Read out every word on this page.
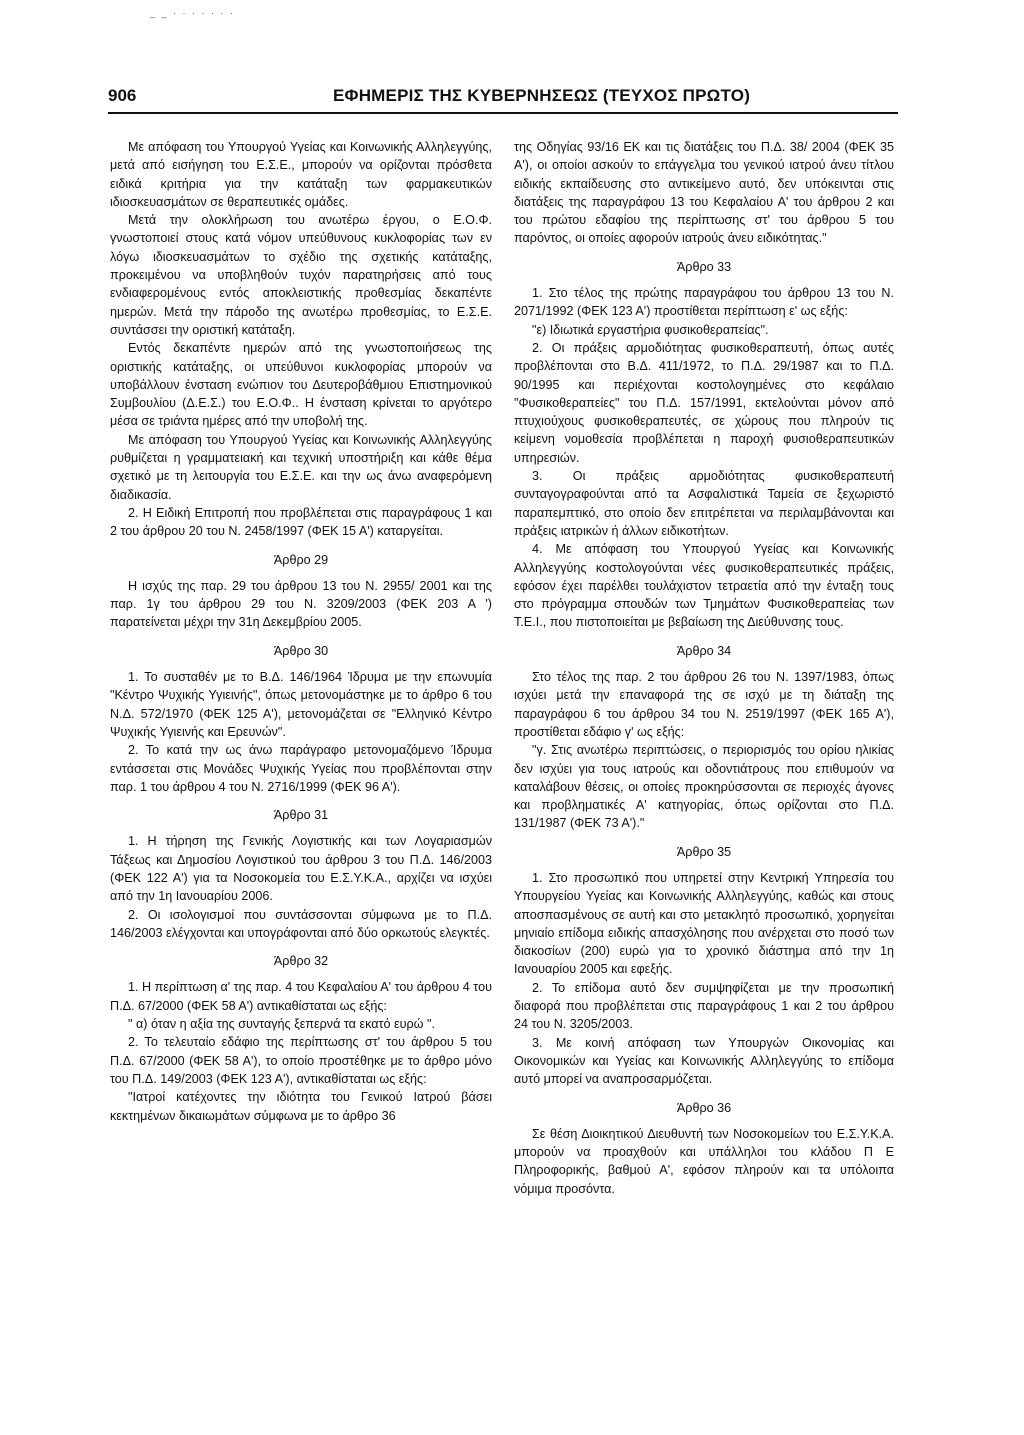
_ _ · · · · · · ·
906	ΕΦΗΜΕΡΙΣ ΤΗΣ ΚΥΒΕΡΝΗΣΕΩΣ (ΤΕΥΧΟΣ ΠΡΩΤΟ)

Με απόφαση του Υπουργού Υγείας και Κοινωνικής Αλληλεγγύης, μετά από εισήγηση του Ε.Σ.Ε., μπορούν να ορίζονται πρόσθετα ειδικά κριτήρια για την κατάταξη των φαρμακευτικών ιδιοσκευασμάτων σε θεραπευτικές ομάδες.

Μετά την ολοκλήρωση του ανωτέρω έργου, ο Ε.Ο.Φ. γνωστοποιεί στους κατά νόμον υπεύθυνους κυκλοφορίας των εν λόγω ιδιοσκευασμάτων το σχέδιο της σχετικής κατάταξης, προκειμένου να υποβληθούν τυχόν παρατηρήσεις από τους ενδιαφερομένους εντός αποκλειστικής προθεσμίας δεκαπέντε ημερών. Μετά την πάροδο της ανωτέρω προθεσμίας, το Ε.Σ.Ε. συντάσσει την οριστική κατάταξη.

Εντός δεκαπέντε ημερών από της γνωστοποιήσεως της οριστικής κατάταξης, οι υπεύθυνοι κυκλοφορίας μπορούν να υποβάλλουν ένσταση ενώπιον του Δευτεροβάθμιου Επιστημονικού Συμβουλίου (Δ.Ε.Σ.) του Ε.Ο.Φ.. Η ένσταση κρίνεται το αργότερο μέσα σε τριάντα ημέρες από την υποβολή της.

Με απόφαση του Υπουργού Υγείας και Κοινωνικής Αλληλεγγύης ρυθμίζεται η γραμματειακή και τεχνική υποστήριξη και κάθε θέμα σχετικό με τη λειτουργία του Ε.Σ.Ε. και την ως άνω αναφερόμενη διαδικασία.

2. Η Ειδική Επιτροπή που προβλέπεται στις παραγράφους 1 και 2 του άρθρου 20 του Ν. 2458/1997 (ΦΕΚ 15 Α') καταργείται.

Άρθρο 29

Η ισχύς της παρ. 29 του άρθρου 13 του Ν. 2955/ 2001 και της παρ. 1γ του άρθρου 29 του Ν. 3209/2003 (ΦΕΚ 203 Α ') παρατείνεται μέχρι την 31η Δεκεμβρίου 2005.

Άρθρο 30

1. Το συσταθέν με το Β.Δ. 146/1964 Ίδρυμα με την επωνυμία "Κέντρο Ψυχικής Υγιεινής", όπως μετονομάστηκε με το άρθρο 6 του Ν.Δ. 572/1970 (ΦΕΚ 125 Α'), μετονομάζεται σε "Ελληνικό Κέντρο Ψυχικής Υγιεινής και Ερευνών".

2. Το κατά την ως άνω παράγραφο μετονομαζόμενο Ίδρυμα εντάσσεται στις Μονάδες Ψυχικής Υγείας που προβλέπονται στην παρ. 1 του άρθρου 4 του Ν. 2716/1999 (ΦΕΚ 96 Α').

Άρθρο 31

1. Η τήρηση της Γενικής Λογιστικής και των Λογαριασμών Τάξεως και Δημοσίου Λογιστικού του άρθρου 3 του Π.Δ. 146/2003 (ΦΕΚ 122 Α') για τα Νοσοκομεία του Ε.Σ.Υ.Κ.Α., αρχίζει να ισχύει από την 1η Ιανουαρίου 2006.

2. Οι ισολογισμοί που συντάσσονται σύμφωνα με το Π.Δ. 146/2003 ελέγχονται και υπογράφονται από δύο ορκωτούς ελεγκτές.

Άρθρο 32

1. Η περίπτωση α' της παρ. 4 του Κεφαλαίου Α' του άρθρου 4 του Π.Δ. 67/2000 (ΦΕΚ 58 Α') αντικαθίσταται ως εξής:

" α) όταν η αξία της συνταγής ξεπερνά τα εκατό ευρώ ".

2. Το τελευταίο εδάφιο της περίπτωσης στ' του άρθρου 5 του Π.Δ. 67/2000 (ΦΕΚ 58 Α'), το οποίο προστέθηκε με το άρθρο μόνο του Π.Δ. 149/2003 (ΦΕΚ 123 Α'), αντικαθίσταται ως εξής:

"Ιατροί κατέχοντες την ιδιότητα του Γενικού Ιατρού βάσει κεκτημένων δικαιωμάτων σύμφωνα με το άρθρο 36

της Οδηγίας 93/16 ΕΚ και τις διατάξεις του Π.Δ. 38/ 2004 (ΦΕΚ 35 Α'), οι οποίοι ασκούν το επάγγελμα του γενικού ιατρού άνευ τίτλου ειδικής εκπαίδευσης στο αντικείμενο αυτό, δεν υπόκεινται στις διατάξεις της παραγράφου 13 του Κεφαλαίου Α' του άρθρου 2 και του πρώτου εδαφίου της περίπτωσης στ' του άρθρου 5 του παρόντος, οι οποίες αφορούν ιατρούς άνευ ειδικότητας."

Άρθρο 33

1. Στο τέλος της πρώτης παραγράφου του άρθρου 13 του Ν. 2071/1992 (ΦΕΚ 123 Α') προστίθεται περίπτωση ε' ως εξής:

"ε) Ιδιωτικά εργαστήρια φυσικοθεραπείας".

2. Οι πράξεις αρμοδιότητας φυσικοθεραπευτή, όπως αυτές προβλέπονται στο Β.Δ. 411/1972, το Π.Δ. 29/1987 και το Π.Δ. 90/1995 και περιέχονται κοστολογημένες στο κεφάλαιο "Φυσικοθεραπείες" του Π.Δ. 157/1991, εκτελούνται μόνον από πτυχιούχους φυσικοθεραπευτές, σε χώρους που πληρούν τις κείμενη νομοθεσία προβλέπεται η παροχή φυσιοθεραπευτικών υπηρεσιών.

3. Οι πράξεις αρμοδιότητας φυσικοθεραπευτή συνταγογραφούνται από τα Ασφαλιστικά Ταμεία σε ξεχωριστό παραπεμπτικό, στο οποίο δεν επιτρέπεται να περιλαμβάνονται και πράξεις ιατρικών ή άλλων ειδικοτήτων.

4. Με απόφαση του Υπουργού Υγείας και Κοινωνικής Αλληλεγγύης κοστολογούνται νέες φυσικοθεραπευτικές πράξεις, εφόσον έχει παρέλθει τουλάχιστον τετραετία από την ένταξη τους στο πρόγραμμα σπουδών των Τμημάτων Φυσικοθεραπείας των Τ.Ε.Ι., που πιστοποιείται με βεβαίωση της Διεύθυνσης τους.

Άρθρο 34

Στο τέλος της παρ. 2 του άρθρου 26 του Ν. 1397/1983, όπως ισχύει μετά την επαναφορά της σε ισχύ με τη διάταξη της παραγράφου 6 του άρθρου 34 του Ν. 2519/1997 (ΦΕΚ 165 Α'), προστίθεται εδάφιο γ' ως εξής:

"γ. Στις ανωτέρω περιπτώσεις, ο περιορισμός του ορίου ηλικίας δεν ισχύει για τους ιατρούς και οδοντιάτρους που επιθυμούν να καταλάβουν θέσεις, οι οποίες προκηρύσσονται σε περιοχές άγονες και προβληματικές Α' κατηγορίας, όπως ορίζονται στο Π.Δ. 131/1987 (ΦΕΚ 73 Α')."

Άρθρο 35

1. Στο προσωπικό που υπηρετεί στην Κεντρική Υπηρεσία του Υπουργείου Υγείας και Κοινωνικής Αλληλεγγύης, καθώς και στους αποσπασμένους σε αυτή και στο μετακλητό προσωπικό, χορηγείται μηνιαίο επίδομα ειδικής απασχόλησης που ανέρχεται στο ποσό των διακοσίων (200) ευρώ για το χρονικό διάστημα από την 1η Ιανουαρίου 2005 και εφεξής.

2. Το επίδομα αυτό δεν συμψηφίζεται με την προσωπική διαφορά που προβλέπεται στις παραγράφους 1 και 2 του άρθρου 24 του Ν. 3205/2003.

3. Με κοινή απόφαση των Υπουργών Οικονομίας και Οικονομικών και Υγείας και Κοινωνικής Αλληλεγγύης το επίδομα αυτό μπορεί να αναπροσαρμόζεται.

Άρθρο 36

Σε θέση Διοικητικού Διευθυντή των Νοσοκομείων του Ε.Σ.Υ.Κ.Α. μπορούν να προαχθούν και υπάλληλοι του κλάδου Π Ε Πληροφορικής, βαθμού Α', εφόσον πληρούν και τα υπόλοιπα νόμιμα προσόντα.
